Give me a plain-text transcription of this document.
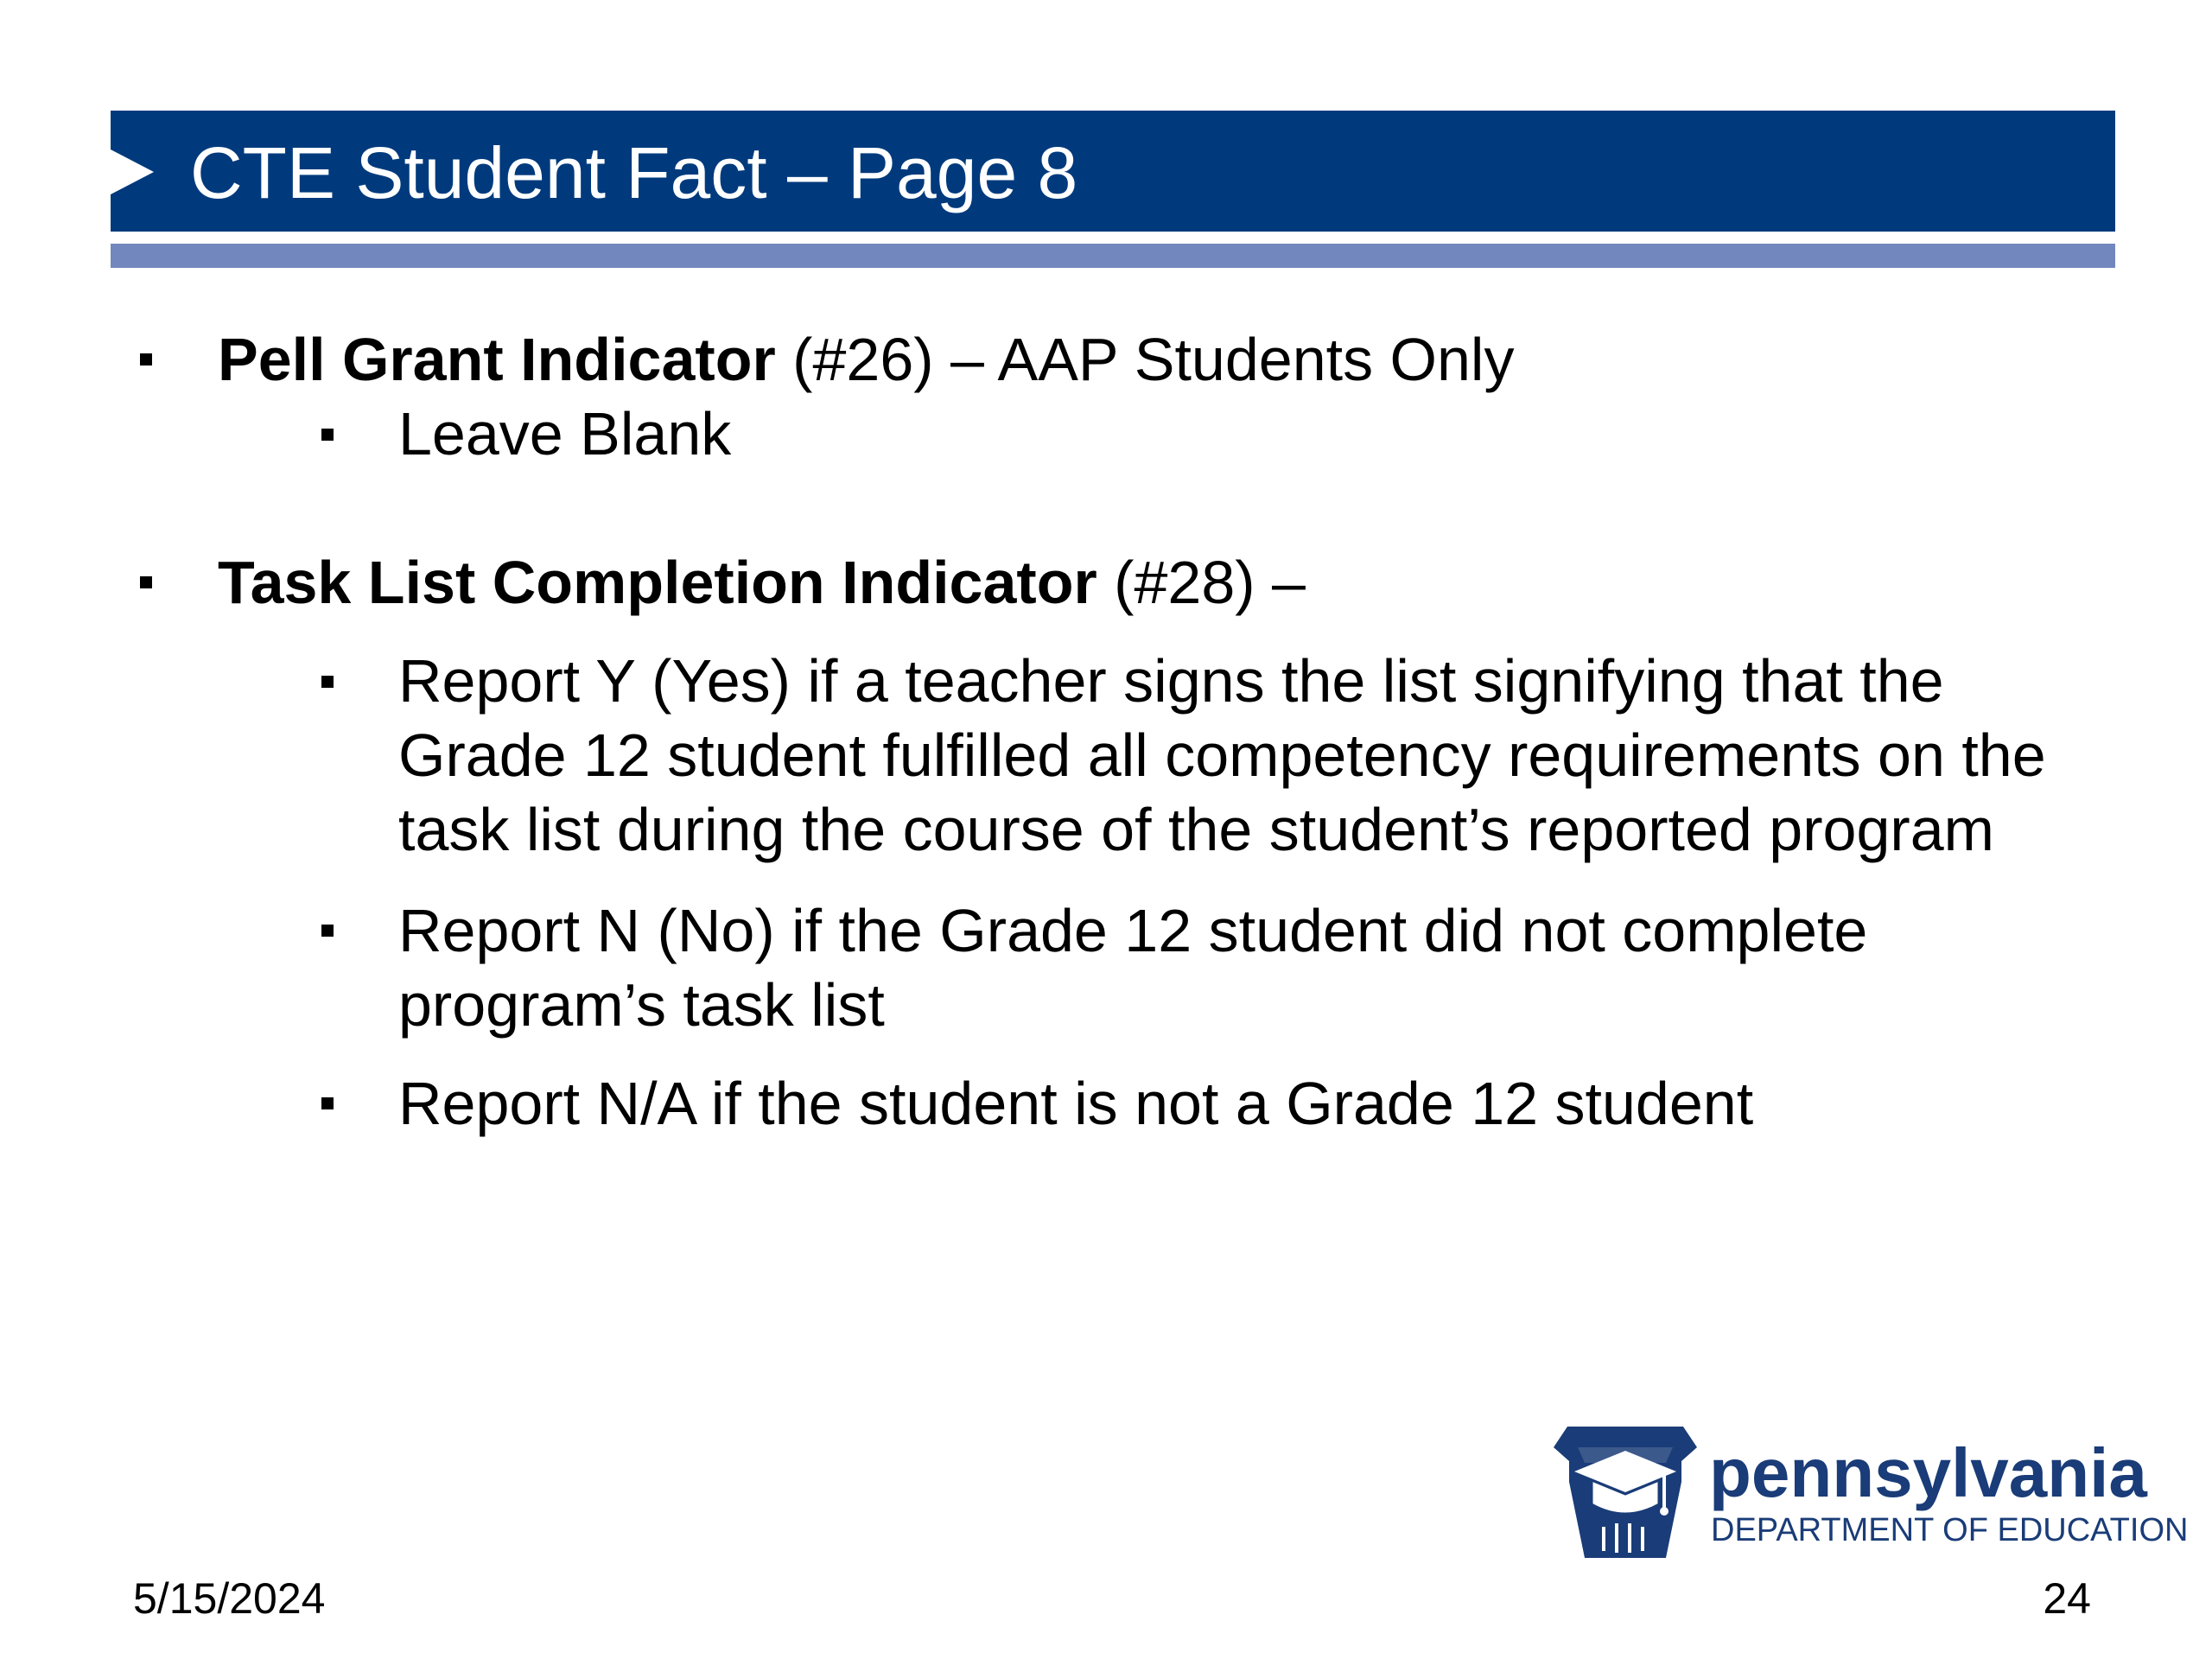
CTE Student Fact – Page 8
Pell Grant Indicator (#26) – AAP Students Only
Leave Blank
Task List Completion Indicator (#28) –
Report Y (Yes) if a teacher signs the list signifying that the Grade 12 student fulfilled all competency requirements on the task list during the course of the student’s reported program
Report N (No) if the Grade 12 student did not complete program’s task list
Report N/A if the student is not a Grade 12 student
pennsylvania
DEPARTMENT OF EDUCATION
5/15/2024	24
